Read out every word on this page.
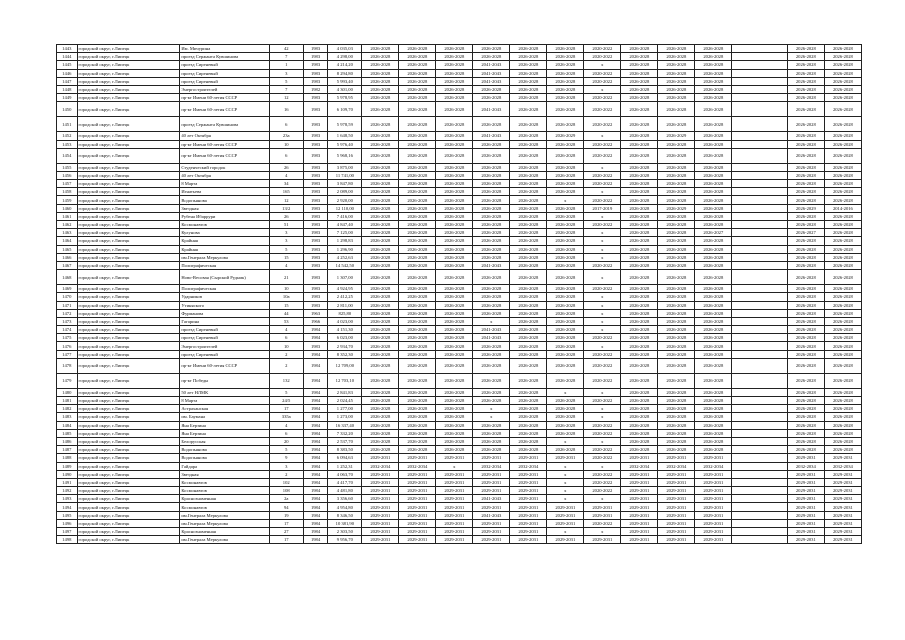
1443	городской округ, г.Липецк	Им. Мичурина	42	1983	4 035,03	2026-2028	2026-2028	2026-2028	2026-2028	2026-2028	2026-2028	2020-2022	2026-2028	2026-2028	2026-2028		2026-2028	2026-2028
1444	городской округ, г.Липецк	проезд Сержанта Кувшинова	7	1983	4 298,00	2026-2028	2026-2028	2026-2028	2026-2028	2026-2028	2026-2028	2020-2022	2026-2028	2026-2028	2026-2028		2026-2028	2026-2028
1445	городской округ, г.Липецк	проезд Сиреневый	1	1983	4 214,20	2026-2028	2026-2028	2026-2028	2041-2043	2026-2028	2026-2028	x	2026-2028	2026-2028	2026-2028		2026-2028	2026-2028
1446	городской округ, г.Липецк	проезд Сиреневый	3	1983	8 294,80	2026-2028	2026-2028	2026-2028	2041-2043	2026-2028	2026-2028	2020-2022	2026-2028	2026-2028	2026-2028		2026-2028	2026-2028
1447	городской округ, г.Липецк	проезд Сиреневый	5	1983	5 993,40	2026-2028	2026-2028	2026-2028	2041-2043	2026-2028	2026-2028	2020-2022	2026-2028	2026-2028	2026-2028		2026-2028	2026-2028
1448	городской округ, г.Липецк	Энергостроителей	7	1982	4 301,00	2026-2028	2026-2028	2026-2028	2026-2028	2026-2028	2026-2028	x	2026-2028	2026-2028	2026-2028		2026-2028	2026-2028
1449	городской округ, г.Липецк	пр-кт Имени 60-летия СССР	12	1983	5 978,95	2026-2028	2026-2028	2026-2028	2026-2028	2026-2028	2026-2028	2020-2022	2026-2028	2026-2028	2026-2028		2026-2028	2026-2028
1450	городской округ, г.Липецк	пр-кт Имени 60-летия СССР	16	1983	6 109,70	2026-2028	2026-2028	2026-2028	2041-2043	2026-2028	2026-2028	2020-2022	2026-2028	2026-2028	2026-2028		2026-2028	2026-2028
1451	городской округ, г.Липецк	проезд Сержанта Кувшинова	6	1983	5 978,59	2026-2028	2026-2028	2026-2028	2026-2028	2026-2028	2026-2028	2020-2022	2026-2028	2026-2028	2026-2028		2026-2028	2026-2028
1452	городской округ, г.Липецк	40 лет Октября	23а	1983	1 648,50	2026-2028	2026-2028	2026-2028	2041-2043	2026-2028	2026-2029	x	2026-2028	2026-2029	2026-2028		2026-2028	2026-2028
1453	городской округ, г.Липецк	пр-кт Имени 60-летия СССР	10	1983	5 976,40	2026-2028	2026-2028	2026-2028	2026-2028	2026-2028	2026-2028	2020-2022	2026-2028	2026-2028	2026-2028		2026-2028	2026-2028
1454	городской округ, г.Липецк	пр-кт Имени 60-летия СССР	6	1983	5 968,16	2026-2028	2026-2028	2026-2028	2026-2028	2026-2028	2026-2028	2020-2022	2026-2028	2026-2028	2026-2028		2026-2028	2026-2028
1455	городской округ, г.Липецк	Студенческий городок	26	1983	3 875,00	2026-2028	2026-2028	2026-2028	2026-2028	2026-2028	2026-2028	x	2026-2028	2026-2028	2026-2028		2026-2028	2026-2028
1456	городской округ, г.Липецк	40 лет Октября	4	1983	11 741,00	2026-2028	2026-2028	2026-2028	2026-2028	2026-2028	2026-2028	2020-2022	2026-2028	2026-2028	2026-2028		2026-2028	2026-2028
1457	городской округ, г.Липецк	8 Марта	34	1983	3 847,80	2026-2028	2026-2028	2026-2028	2026-2028	2026-2028	2026-2028	2020-2022	2026-2028	2026-2028	2026-2028		2026-2028	2026-2028
1458	городской округ, г.Липецк	Игнатьева	165	1983	2 089,00	2026-2028	2026-2028	2026-2028	2026-2028	2026-2028	2026-2028	x	2026-2028	2026-2028	2026-2028		2026-2028	2026-2028
1459	городской округ, г.Липецк	Водопьянова	12	1983	2 920,00	2026-2028	2026-2028	2026-2028	2026-2028	2026-2028	x	2020-2022	2026-2028	2026-2028	2026-2028		2026-2028	2026-2028
1460	городской округ, г.Липецк	Звездная	13/2	1983	12 110,00	2026-2028	2026-2028	2026-2028	2026-2028	2026-2028	2026-2028	2017-2019	2026-2028	2026-2029	2026-2028		2026-2029	2014-2016
1461	городской округ, г.Липецк	Рубена Ибаррури	26	1983	7 416,00	2026-2028	2026-2028	2026-2028	2026-2028	2026-2028	2026-2028	x	2026-2028	2026-2028	2026-2028		2026-2028	2026-2028
1462	городской округ, г.Липецк	Космонавтов	51	1983	4 847,40	2026-2028	2026-2028	2026-2028	2026-2028	2026-2028	2026-2028	2020-2022	2026-2028	2026-2028	2026-2028		2026-2028	2026-2028
1463	городской округ, г.Липецк	Кулунова	3	1983	7 125,00	2026-2028	2026-2028	2026-2028	2026-2028	2026-2028	2026-2028	x	2026-2028	2026-2028	2026-2027		2026-2027	2026-2028
1464	городской округ, г.Липецк	Крайняя	3	1983	1 298,83	2026-2028	2026-2028	2026-2028	2026-2028	2026-2028	2026-2028	x	2026-2028	2026-2028	2026-2028		2026-2028	2026-2028
1465	городской округ, г.Липецк	Крайняя	5	1983	1 296,90	2026-2028	2026-2028	2026-2028	2026-2028	2026-2028	2026-2028	x	2026-2028	2026-2028	2026-2028		2026-2028	2026-2028
1466	городской округ, г.Липецк	им.Генерала Меркулова	15	1983	4 252,63	2026-2028	2026-2028	2026-2028	2026-2028	2026-2028	2026-2028	x	2026-2028	2026-2028	2026-2028		2026-2028	2026-2028
1467	городской округ, г.Липецк	Полиграфическая	4	1983	14 542,50	2026-2028	2026-2028	2026-2028	2041-2043	2026-2028	2026-2028	2020-2022	2026-2028	2026-2028	2026-2028		2026-2028	2026-2028
1468	городской округ, г.Липецк	Ново-Весовая (Сырский Рудник)	21	1983	1 307,00	2026-2028	2026-2028	2026-2028	2026-2028	2026-2028	2026-2028	x	2026-2028	2026-2028	2026-2028		2026-2028	2026-2028
1469	городской округ, г.Липецк	Полиграфическая	10	1983	4 924,95	2026-2028	2026-2028	2026-2028	2026-2028	2026-2028	2026-2028	2020-2022	2026-2028	2026-2028	2026-2028		2026-2028	2026-2028
1470	городской округ, г.Липецк	Ударников	10а	1983	2 412,25	2026-2028	2026-2028	2026-2028	2026-2028	2026-2028	2026-2028	x	2026-2028	2026-2028	2026-2028		2026-2028	2026-2028
1471	городской округ, г.Липецк	Утиняского	15	1983	2 811,00	2026-2028	2026-2028	2026-2028	2026-2028	2026-2028	2026-2028	x	2026-2028	2026-2028	2026-2028		2026-2028	2026-2028
1472	городской округ, г.Липецк	Фурманова	44	1963	825,80	2026-2028	2026-2028	2026-2028	2026-2028	2026-2028	2026-2028	x	2026-2028	2026-2028	2026-2028		2026-2028	2026-2028
1473	городской округ, г.Липецк	Гагарина	53	1966	4 023,00	2026-2028	2026-2028	2026-2028	x	2026-2028	2026-2028	x	2026-2028	2026-2028	2026-2028		2026-2028	2026-2028
1474	городской округ, г.Липецк	проезд Сиреневый	4	1984	4 151,30	2026-2028	2026-2028	2026-2028	2041-2043	2026-2028	2026-2028	x	2026-2028	2026-2028	2026-2028		2026-2028	2026-2028
1475	городской округ, г.Липецк	проезд Сиреневый	6	1984	6 023,00	2026-2028	2026-2028	2026-2028	2041-2043	2026-2028	2026-2028	2020-2022	2026-2028	2026-2028	2026-2028		2026-2028	2026-2028
1476	городской округ, г.Липецк	Энергостроителей	10	1983	2 934,70	2026-2028	2026-2028	2026-2028	2026-2028	2026-2028	2026-2028	x	2026-2028	2026-2028	2026-2028		2026-2028	2026-2028
1477	городской округ, г.Липецк	проезд Сиреневый	2	1984	8 352,30	2026-2028	2026-2028	2026-2028	2026-2028	2026-2028	2026-2028	2020-2022	2026-2028	2026-2028	2026-2028		2026-2028	2026-2028
1478	городской округ, г.Липецк	пр-кт Имени 60-летия СССР	2	1984	12 709,00	2026-2028	2026-2028	2026-2028	2026-2028	2026-2028	2026-2028	2020-2022	2026-2028	2026-2028	2026-2028		2026-2028	2026-2028
1479	городской округ, г.Липецк	пр-кт Победы	132	1984	12 703,10	2026-2028	2026-2028	2026-2028	2026-2028	2026-2028	2026-2028	2020-2022	2026-2028	2026-2028	2026-2028		2026-2028	2026-2028
1480	городской округ, г.Липецк	50 лет НЛМК	5	1984	2 841,83	2026-2028	2026-2028	2026-2028	2026-2028	2026-2028	x	x	2026-2028	2026-2028	2026-2028		2026-2028	2026-2028
1481	городской округ, г.Липецк	8 Марта	24/5	1984	2 024,45	2026-2028	2026-2028	2026-2028	2026-2028	2026-2028	2026-2028	2020-2022	2026-2028	2026-2028	2026-2028		2026-2028	2026-2028
1482	городской округ, г.Липецк	Астраханская	17	1984	1 277,00	2026-2028	2026-2028	2026-2028	x	2026-2028	2026-2028	x	2026-2028	2026-2028	2026-2028		2026-2028	2026-2028
1483	городской округ, г.Липецк	им. Баумана	335а	1984	1 273,00	2026-2028	2026-2028	2026-2028	x	2026-2028	2026-2028	x	2026-2028	2026-2028	2026-2028		2026-2028	2026-2028
1484	городской округ, г.Липецк	Яна Берзина	4	1984	16 337,40	2026-2028	2026-2028	2026-2028	2026-2028	2026-2028	2026-2028	2020-2022	2026-2028	2026-2028	2026-2028		2026-2028	2026-2028
1485	городской округ, г.Липецк	Яна Берзина	6	1984	7 332,20	2026-2028	2026-2028	2026-2028	2026-2028	2026-2028	2026-2028	2020-2022	2026-2028	2026-2028	2026-2028		2026-2028	2026-2028
1486	городской округ, г.Липецк	Белорусская	20	1984	2 537,70	2026-2028	2026-2028	2026-2028	2026-2028	2026-2028	x	x	2026-2028	2026-2028	2026-2028		2026-2028	2026-2028
1487	городской округ, г.Липецк	Водопьянова	5	1984	8 383,50	2026-2028	2026-2028	2026-2028	2026-2028	2026-2028	2026-2028	2020-2022	2026-2028	2026-2028	2026-2028		2026-2028	2026-2028
1488	городской округ, г.Липецк	Водопьянова	9	1984	6 094,63	2029-2031	2029-2031	2029-2031	2029-2031	2029-2031	2029-2031	2020-2022	2029-2031	2029-2031	2029-2031		2029-2031	2029-2031
1489	городской округ, г.Липецк	Гайдара	3	1984	1 252,31	2032-2034	2032-2034	x	2032-2034	2032-2034	x	x	2032-2034	2032-2034	2032-2034		2032-2034	2032-2034
1490	городской округ, г.Липецк	Звездная	2	1984	4 063,70	2029-2031	2029-2031	2029-2031	2029-2031	2029-2031	x	2020-2022	2029-2031	2029-2031	2029-2031		2029-2031	2029-2031
1491	городской округ, г.Липецк	Космонавтов	102	1984	4 417,70	2029-2031	2029-2031	2029-2031	2029-2031	2029-2031	x	2020-2022	2029-2031	2029-2031	2029-2031		2029-2031	2029-2031
1492	городской округ, г.Липецк	Космонавтов	108	1984	4 481,80	2029-2031	2029-2031	2029-2031	2029-2031	2029-2031	x	2020-2022	2029-2031	2029-2031	2029-2031		2029-2031	2029-2031
1493	городской округ, г.Липецк	Краснознаменная	2а	1984	3 356,60	2029-2031	2029-2031	2029-2031	2041-2043	2029-2031	x	x	2029-2031	2029-2031	2029-2031		2029-2031	2029-2031
1494	городской округ, г.Липецк	Космонавтов	94	1984	4 954,80	2029-2031	2029-2031	2029-2031	2029-2031	2029-2031	2029-2031	2029-2031	2029-2031	2029-2031	2029-2031		2029-2031	2029-2031
1495	городской округ, г.Липецк	им.Генерала Меркулова	19	1984	8 346,50	2029-2031	2029-2031	2029-2031	2041-2043	2029-2031	2029-2031	2029-2031	2029-2031	2029-2031	2029-2031		2029-2031	2029-2031
1496	городской округ, г.Липецк	им.Генерала Меркулова	17	1984	10 381,90	2029-2031	2029-2031	2029-2031	2029-2031	2029-2031	2029-2031	2020-2022	2029-2031	2029-2031	2029-2031		2029-2031	2029-2031
1497	городской округ, г.Липецк	Краснознаменная	27	1984	2 303,50	2029-2031	2029-2031	2029-2031	2029-2031	2029-2031	x	x	2029-2031	2029-2031	2029-2031		2029-2031	2029-2031
1498	городской округ, г.Липецк	им.Генерала Меркулова	17	1984	9 956,70	2029-2031	2029-2031	2029-2031	2029-2031	2029-2031	2029-2031	2029-2031	2029-2031	2029-2031	2029-2031		2029-2031	2029-2031
